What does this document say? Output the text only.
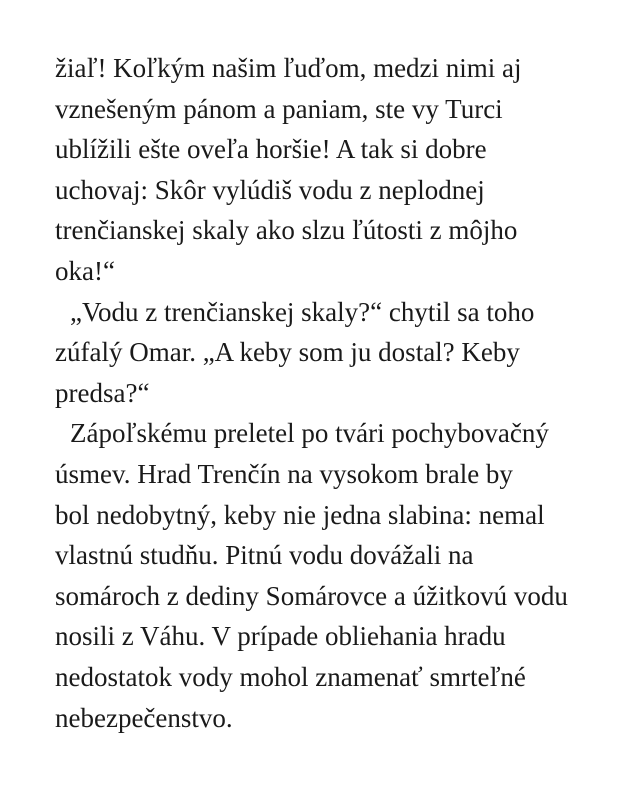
žiaľ! Koľkým našim ľuďom, medzi nimi aj
vznešeným pánom a paniam, ste vy Turci
ublížili ešte oveľa horšie! A tak si dobre
uchovaj: Skôr vylúdiš vodu z neplodnej
trenčianskej skaly ako slzu ľútosti z môjho
oka!“
„Vodu z trenčianskej skaly?“ chytil sa toho
zúfalý Omar. „A keby som ju dostal? Keby
predsa?“
Zápoľskému preletel po tvári pochybovačný
úsmev. Hrad Trenčín na vysokom brale by
bol nedobytný, keby nie jedna slabina: nemal
vlastnú studňu. Pitnú vodu dovážali na
somároch z dediny Somárovce a úžitkovú vodu
nosili z Váhu. V prípade obliehania hradu
nedostatok vody mohol znamenať smrteľné
nebezpečenstvo.
